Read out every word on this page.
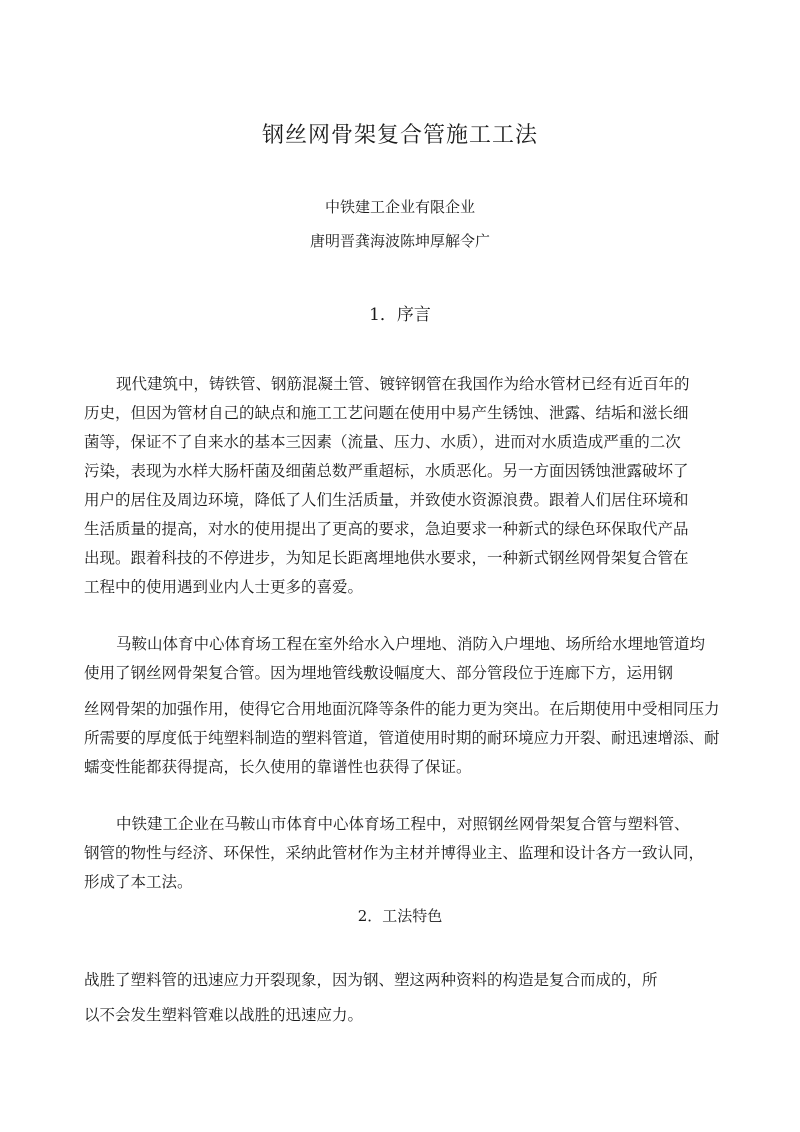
钢丝网骨架复合管施工工法
中铁建工企业有限企业
唐明晋龚海波陈坤厚解令广
1．序言
现代建筑中，铸铁管、钢筋混凝土管、镀锌钢管在我国作为给水管材已经有近百年的
历史，但因为管材自己的缺点和施工工艺问题在使用中易产生锈蚀、泄露、结垢和滋长细
菌等，保证不了自来水的基本三因素（流量、压力、水质），进而对水质造成严重的二次
污染，表现为水样大肠杆菌及细菌总数严重超标，水质恶化。另一方面因锈蚀泄露破坏了
用户的居住及周边环境，降低了人们生活质量，并致使水资源浪费。跟着人们居住环境和
生活质量的提高，对水的使用提出了更高的要求，急迫要求一种新式的绿色环保取代产品
出现。跟着科技的不停进步，为知足长距离埋地供水要求，一种新式钢丝网骨架复合管在
工程中的使用遇到业内人士更多的喜爱。
马鞍山体育中心体育场工程在室外给水入户埋地、消防入户埋地、场所给水埋地管道均
使用了钢丝网骨架复合管。因为埋地管线敷设幅度大、部分管段位于连廊下方，运用钢
丝网骨架的加强作用，使得它合用地面沉降等条件的能力更为突出。在后期使用中受相同压力
所需要的厚度低于纯塑料制造的塑料管道，管道使用时期的耐环境应力开裂、耐迅速增添、耐
蠕变性能都获得提高，长久使用的靠谱性也获得了保证。
中铁建工企业在马鞍山市体育中心体育场工程中，对照钢丝网骨架复合管与塑料管、
钢管的物性与经济、环保性，采纳此管材作为主材并博得业主、监理和设计各方一致认同，
形成了本工法。
2．工法特色
战胜了塑料管的迅速应力开裂现象，因为钢、塑这两种资料的构造是复合而成的，所
以不会发生塑料管难以战胜的迅速应力。
